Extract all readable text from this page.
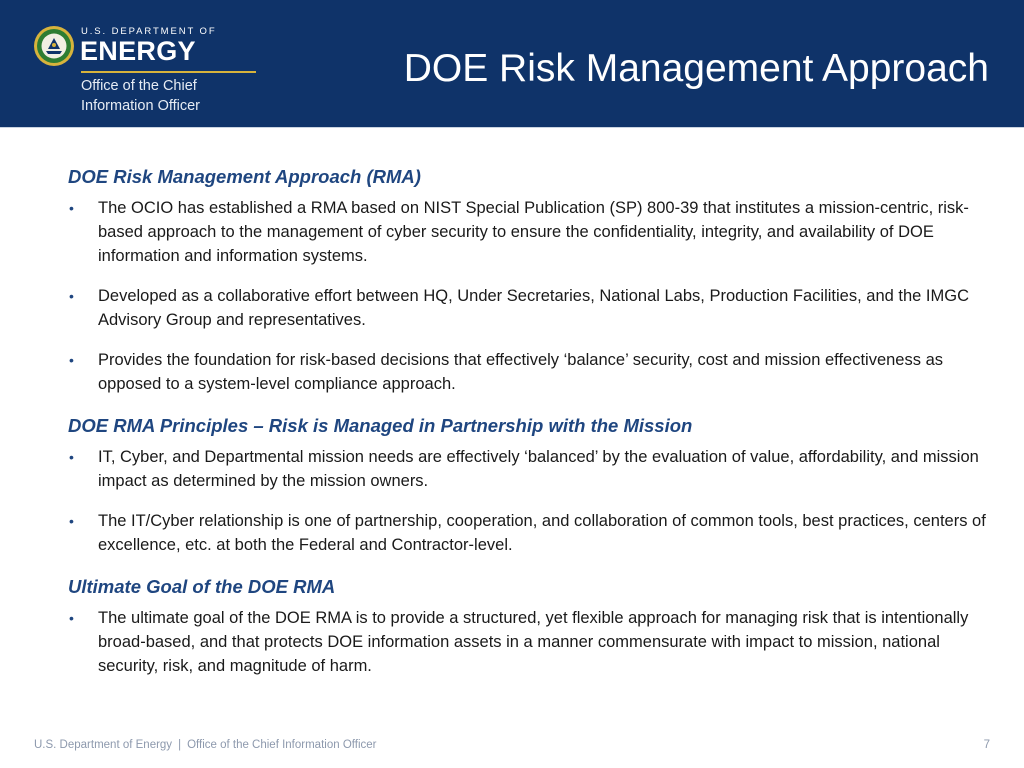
U.S. DEPARTMENT OF
ENERGY
Office of the Chief
Information Officer
DOE Risk Management Approach
DOE Risk Management Approach (RMA)
• The OCIO has established a RMA based on NIST Special Publication (SP) 800-39 that institutes a mission-centric, risk-based approach to the management of cyber security to ensure the confidentiality, integrity, and availability of DOE information and information systems.
• Developed as a collaborative effort between HQ, Under Secretaries, National Labs, Production Facilities, and the IMGC Advisory Group and representatives.
• Provides the foundation for risk-based decisions that effectively ‘balance’ security, cost and mission effectiveness as opposed to a system-level compliance approach.
DOE RMA Principles – Risk is Managed in Partnership with the Mission
• IT, Cyber, and Departmental mission needs are effectively ‘balanced’ by the evaluation of value, affordability, and mission impact as determined by the mission owners.
• The IT/Cyber relationship is one of partnership, cooperation, and collaboration of common tools, best practices, centers of excellence, etc. at both the Federal and Contractor-level.
Ultimate Goal of the DOE RMA
• The ultimate goal of the DOE RMA is to provide a structured, yet flexible approach for managing risk that is intentionally broad-based, and that protects DOE information assets in a manner commensurate with impact to mission, national security, risk, and magnitude of harm.
U.S. Department of Energy | Office of the Chief Information Officer	7
